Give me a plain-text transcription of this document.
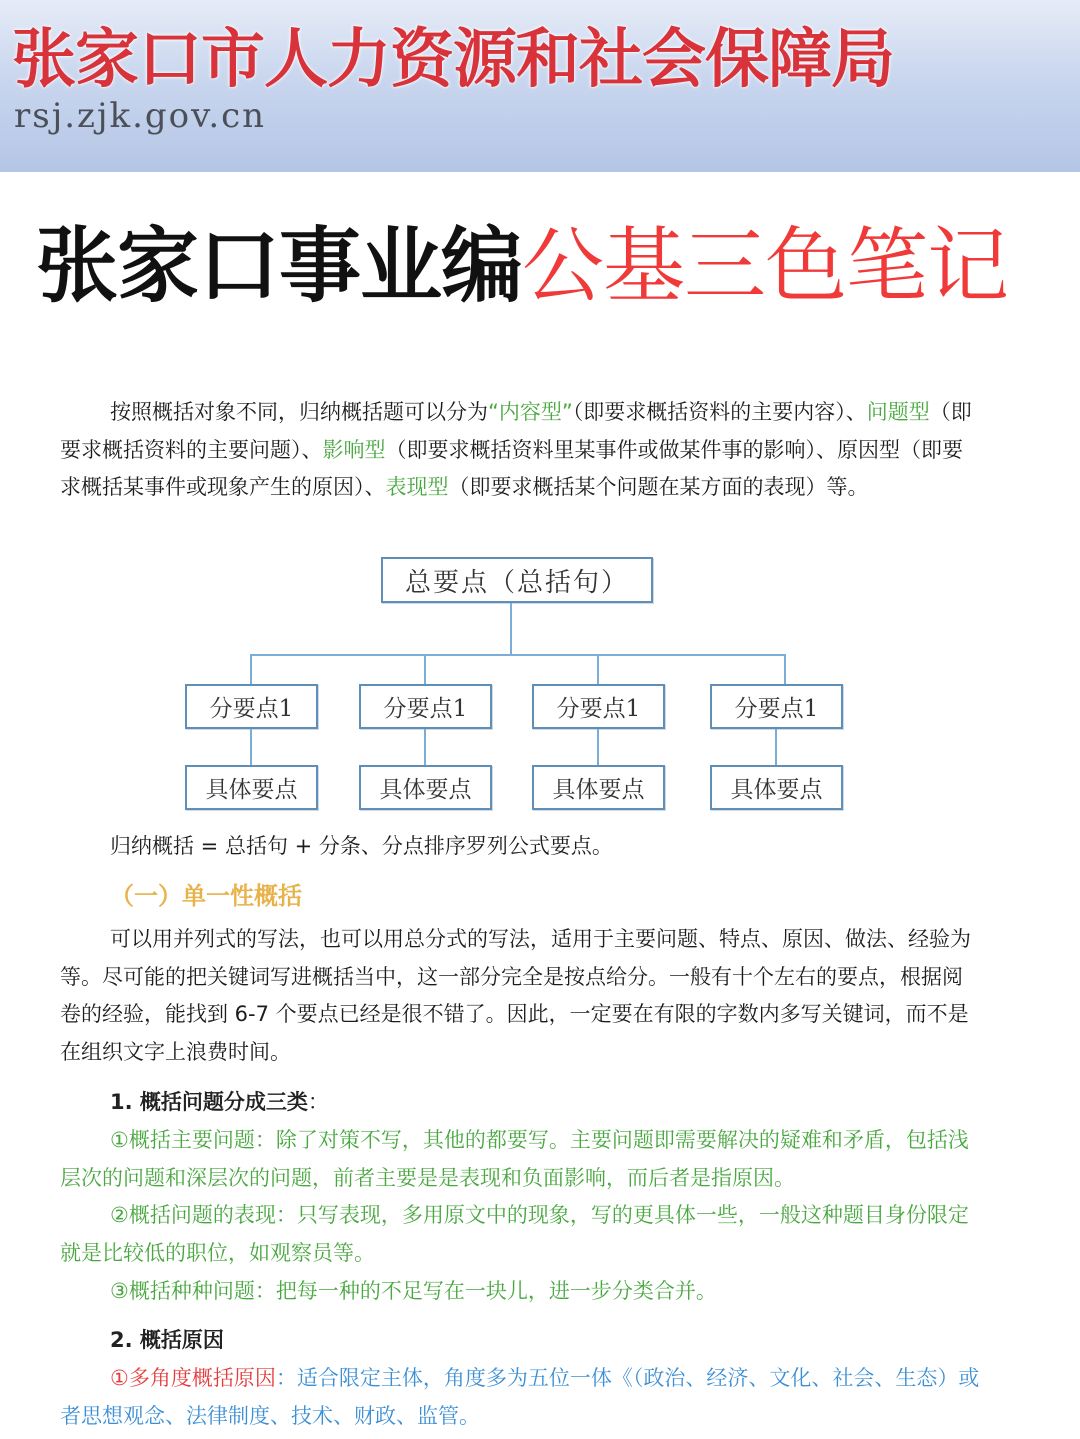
张家口市人力资源和社会保障局
rsj.zjk.gov.cn
张家口事业编公基三色笔记
按照概括对象不同，归纳概括题可以分为“内容型”（即要求概括资料的主要内容）、问题型（即要求概括资料的主要问题）、影响型（即要求概括资料里某事件或做某件事的影响）、原因型（即要求概括某事件或现象产生的原因）、表现型（即要求概括某个问题在某方面的表现）等。
总要点（总括句）
分要点1	分要点1	分要点1	分要点1
具体要点	具体要点	具体要点	具体要点
归纳概括 = 总括句 + 分条、分点排序罗列公式要点。
（一）单一性概括
可以用并列式的写法，也可以用总分式的写法，适用于主要问题、特点、原因、做法、经验为等。尽可能的把关键词写进概括当中，这一部分完全是按点给分。一般有十个左右的要点，根据阅卷的经验，能找到 6-7 个要点已经是很不错了。因此，一定要在有限的字数内多写关键词，而不是在组织文字上浪费时间。
1. 概括问题分成三类：
①概括主要问题：除了对策不写，其他的都要写。主要问题即需要解决的疑难和矛盾，包括浅层次的问题和深层次的问题，前者主要是是表现和负面影响，而后者是指原因。
②概括问题的表现：只写表现，多用原文中的现象，写的更具体一些，一般这种题目身份限定就是比较低的职位，如观察员等。
③概括种种问题：把每一种的不足写在一块儿，进一步分类合并。
2. 概括原因
①多角度概括原因：适合限定主体，角度多为五位一体《（政治、经济、文化、社会、生态）或者思想观念、法律制度、技术、财政、监管。
